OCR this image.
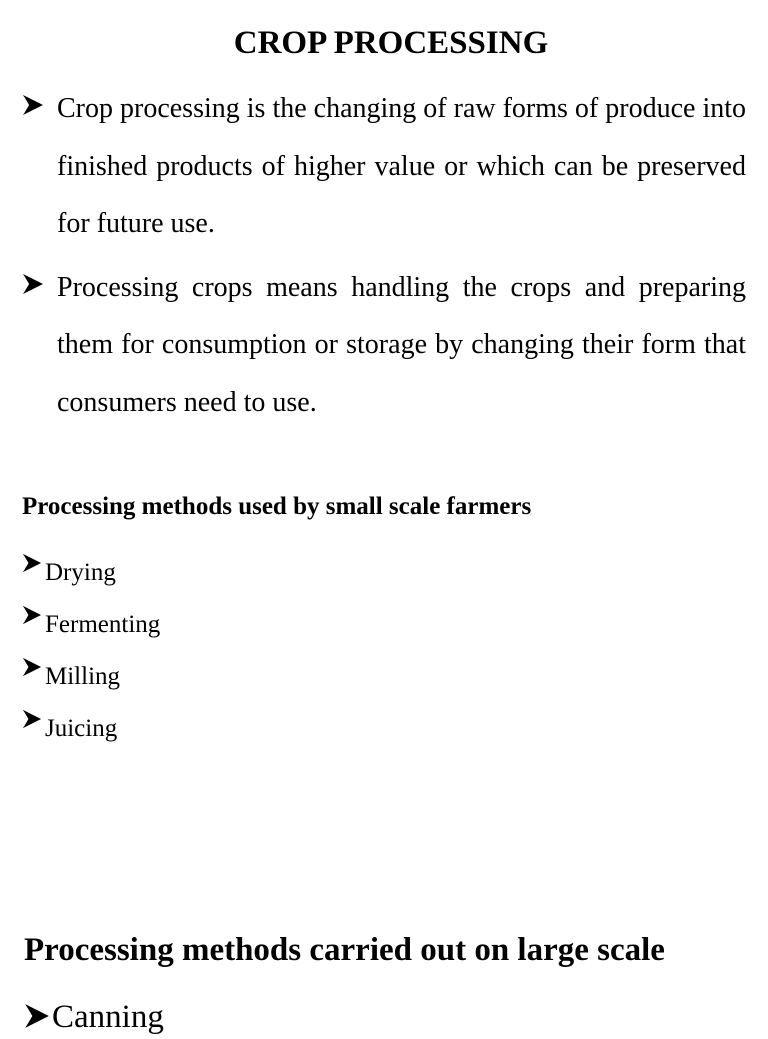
CROP PROCESSING
Crop processing is the changing of raw forms of produce into finished products of higher value or which can be preserved for future use.
Processing crops means handling the crops and preparing them for consumption or storage by changing their form that consumers need to use.
Processing methods used by small scale farmers
Drying
Fermenting
Milling
Juicing
Processing methods carried out on large scale
Canning
